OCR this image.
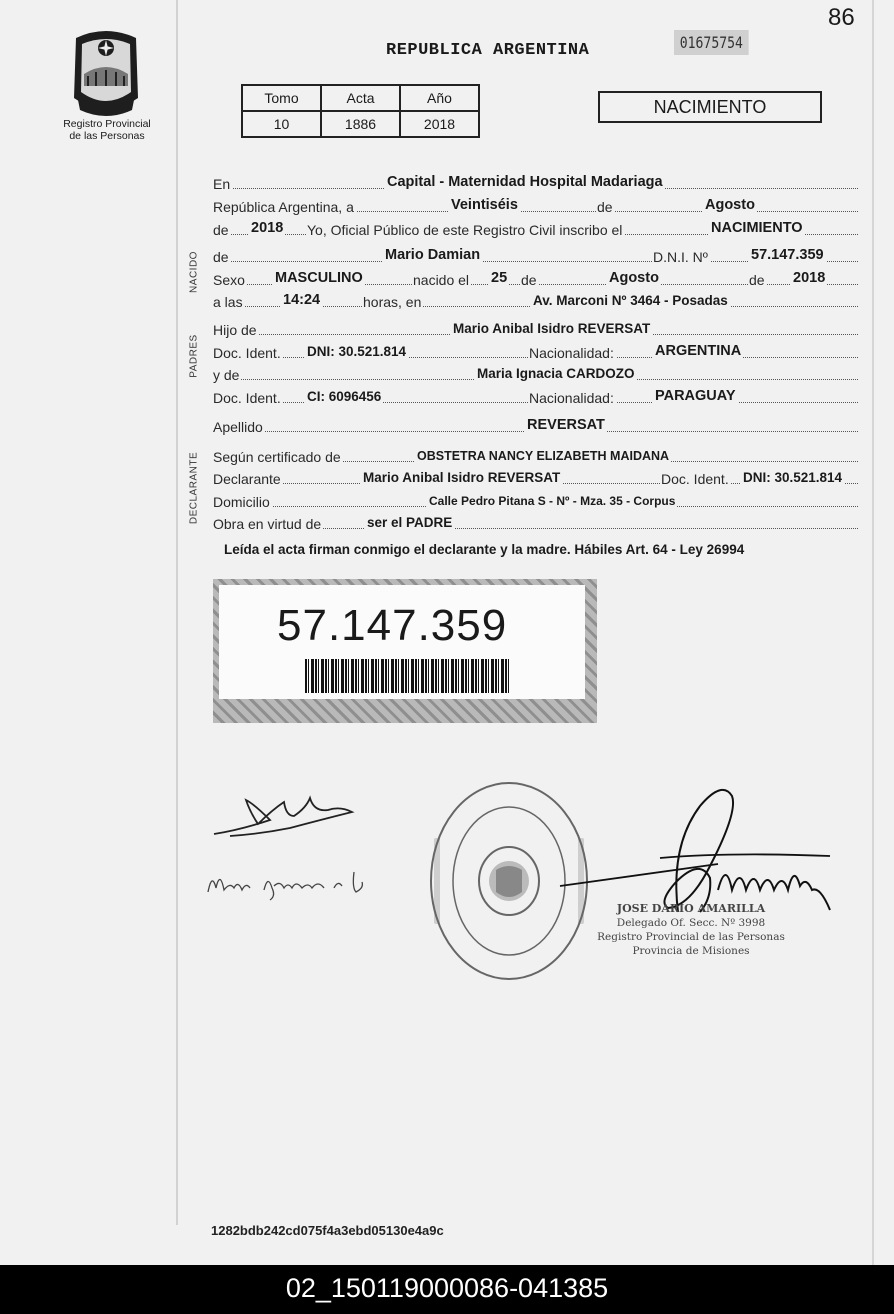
86
Registro Provincial
de las Personas
REPUBLICA ARGENTINA	01675754
Tomo	Acta	Año
10	1886	2018
NACIMIENTO
NACIDO
PADRES
DECLARANTE
En	Capital - Maternidad Hospital Madariaga
República Argentina, a	Veintiséis	de	Agosto
de 2018 Yo, Oficial Público de este Registro Civil inscribo el	NACIMIENTO
de	Mario Damian	D.N.I. Nº	57.147.359
Sexo MASCULINO	nacido el 25 de	Agosto	de 2018
a las	14:24	horas, en	Av. Marconi Nº 3464 - Posadas
Hijo de	Mario Anibal Isidro REVERSAT
Doc. Ident. DNI: 30.521.814	Nacionalidad:	ARGENTINA
y de	Maria Ignacia CARDOZO
Doc. Ident. CI: 6096456	Nacionalidad:	PARAGUAY
Apellido	REVERSAT
Según certificado de	OBSTETRA NANCY ELIZABETH MAIDANA
Declarante	Mario Anibal Isidro REVERSAT	Doc. Ident. DNI: 30.521.814
Domicilio	Calle Pedro Pitana S - Nº - Mza. 35 - Corpus
Obra en virtud de	ser el PADRE
Leída el acta firman conmigo el declarante y la madre. Hábiles Art. 64 - Ley 26994
57.147.359
JOSE DARIO AMARILLA
Delegado Of. Secc. Nº 3998
Registro Provincial de las Personas
Provincia de Misiones
1282bdb242cd075f4a3ebd05130e4a9c
02_150119000086-041385
